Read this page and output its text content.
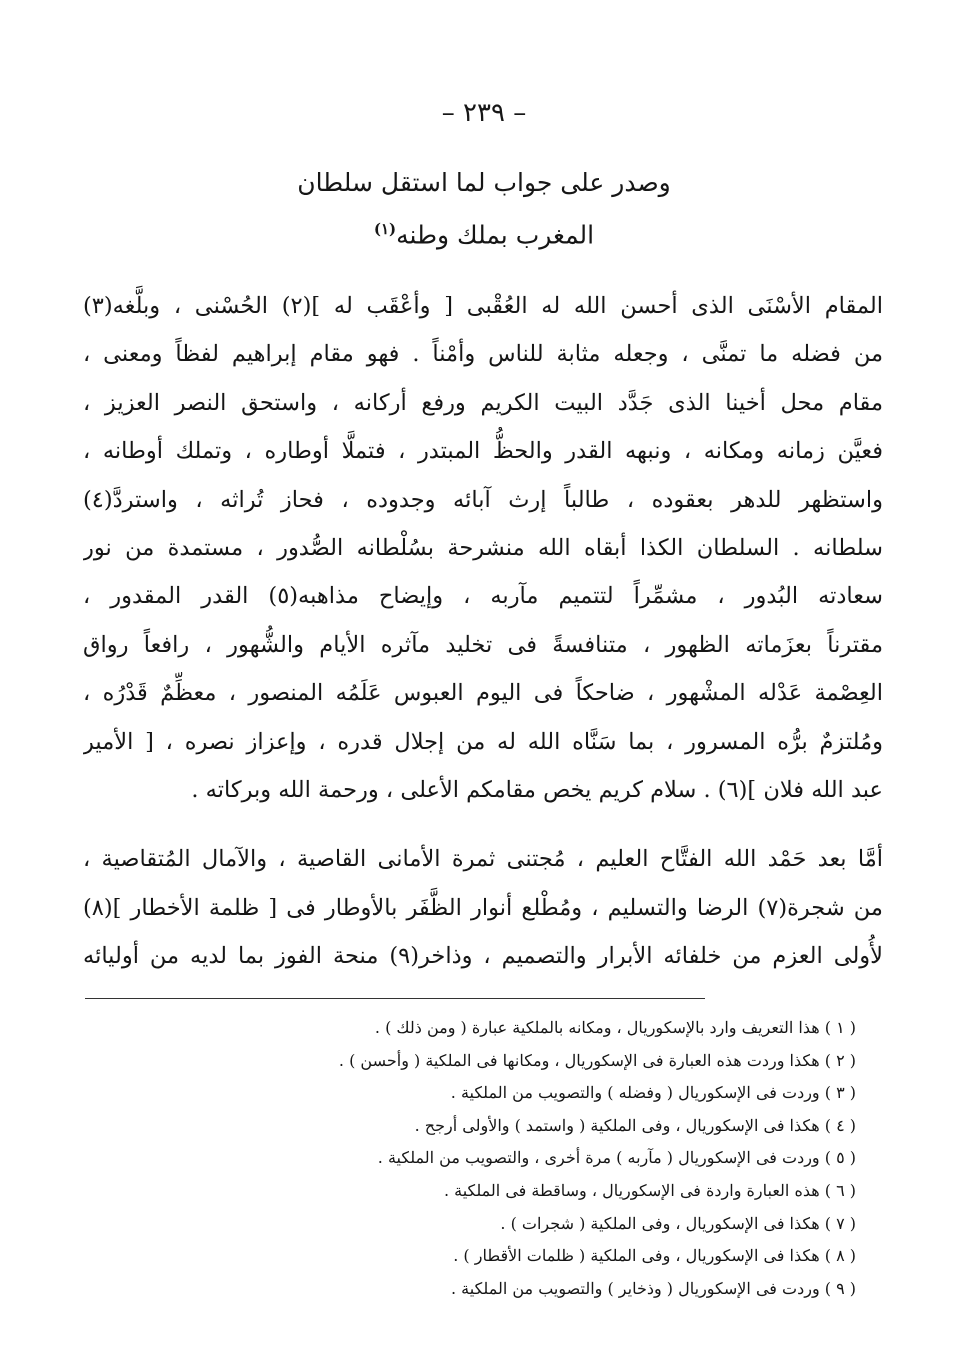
– ٢٣٩ –
وصدر على جواب لما استقل سلطان
المغرب بملك وطنه$^{(١)}$
المقام الأسْنَى الذى أحسن الله له العُقْبى [ وأعْقَب له ](٢) الحُسْنى ، وبلَّغه(٣)
من فضله ما تمنَّى ، وجعله مثابة للناس وأمْناً . فهو مقام إبراهيم لفظاً ومعنى ،
مقام محل أخينا الذى جَدَّد البيت الكريم ورفع أركانه ، واستحق النصر العزيز ،
فعيَّن زمانه ومكانه ، ونبهه القدر والحظُّ المبتدر ، فتملَّا أوطاره ، وتملك أوطانه ،
واستظهر للدهر بعقوده ، طالباً إرث آبائه وجدوده ، فحاز تُراثه ، واستردَّ(٤)
سلطانه . السلطان الكذا أبقاه الله منشرحة بسُلْطانه الصُّدور ، مستمدة من نور
سعادته البُدور ، مشمِّراً لتتميم مآربه ، وإيضاح مذاهبه(٥) القدر المقدور ،
مقترناً بعزَماته الظهور ، متنافسةً فى تخليد مآثره الأيام والشُّهور ، رافعاً رواق
العِصْمة عَدْله المشْهور ، ضاحكاً فى اليوم العبوس عَلَمُه المنصور ، معظِّمٌ قَدْرُه ،
ومُلتزمٌ برُّه المسرور ، بما سَنَّاه الله له من إجلال قدره ، وإعزاز نصره ، [ الأمير
عبد الله فلان ](٦) . سلام كريم يخص مقامكم الأعلى ، ورحمة الله وبركاته .
أمَّا بعد حَمْد الله الفتَّاح العليم ، مُجتنى ثمرة الأمانى القاصية ، والآمال المُتقاصية ،
من شجرة(٧) الرضا والتسليم ، ومُطْلع أنوار الظَّفَر بالأوطار فى [ ظلمة الأخطار ](٨)
لأُولى العزم من خلفائه الأبرار والتصميم ، وذاخر(٩) منحة الفوز بما لديه من أوليائه
( ١ ) هذا التعريف وارد بالإسكوريال ، ومكانه بالملكية عبارة ( ومن ذلك ) .
( ٢ ) هكذا وردت هذه العبارة فى الإسكوريال ، ومكانها فى الملكية ( وأحسن ) .
( ٣ ) وردت فى الإسكوريال ( وفضله ) والتصويب من الملكية .
( ٤ ) هكذا فى الإسكوريال ، وفى الملكية ( واستمد ) والأولى أرجح .
( ٥ ) وردت فى الإسكوريال ( مآربه ) مرة أخرى ، والتصويب من الملكية .
( ٦ ) هذه العبارة واردة فى الإسكوريال ، وساقطة فى الملكية .
( ٧ ) هكذا فى الإسكوريال ، وفى الملكية ( شجرات ) .
( ٨ ) هكذا فى الإسكوريال ، وفى الملكية ( ظلمات الأقطار ) .
( ٩ ) وردت فى الإسكوريال ( وذخاير ) والتصويب من الملكية .
